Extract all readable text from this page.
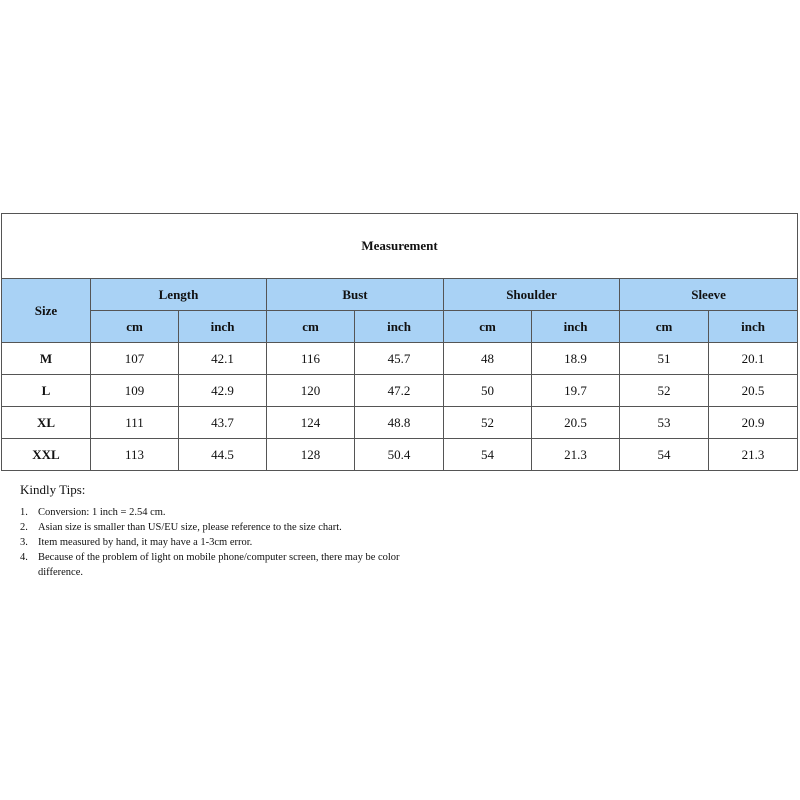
Measurement								
Size	Length		Bust		Shoulder		Sleeve	
	cm	inch	cm	inch	cm	inch	cm	inch
M	107	42.1	116	45.7	48	18.9	51	20.1
L	109	42.9	120	47.2	50	19.7	52	20.5
XL	111	43.7	124	48.8	52	20.5	53	20.9
XXL	113	44.5	128	50.4	54	21.3	54	21.3
Kindly Tips:
1. Conversion: 1 inch = 2.54 cm.
2. Asian size is smaller than US/EU size, please reference to the size chart.
3. Item measured by hand, it may have a 1-3cm error.
4. Because of the problem of light on mobile phone/computer screen, there may be color difference.
